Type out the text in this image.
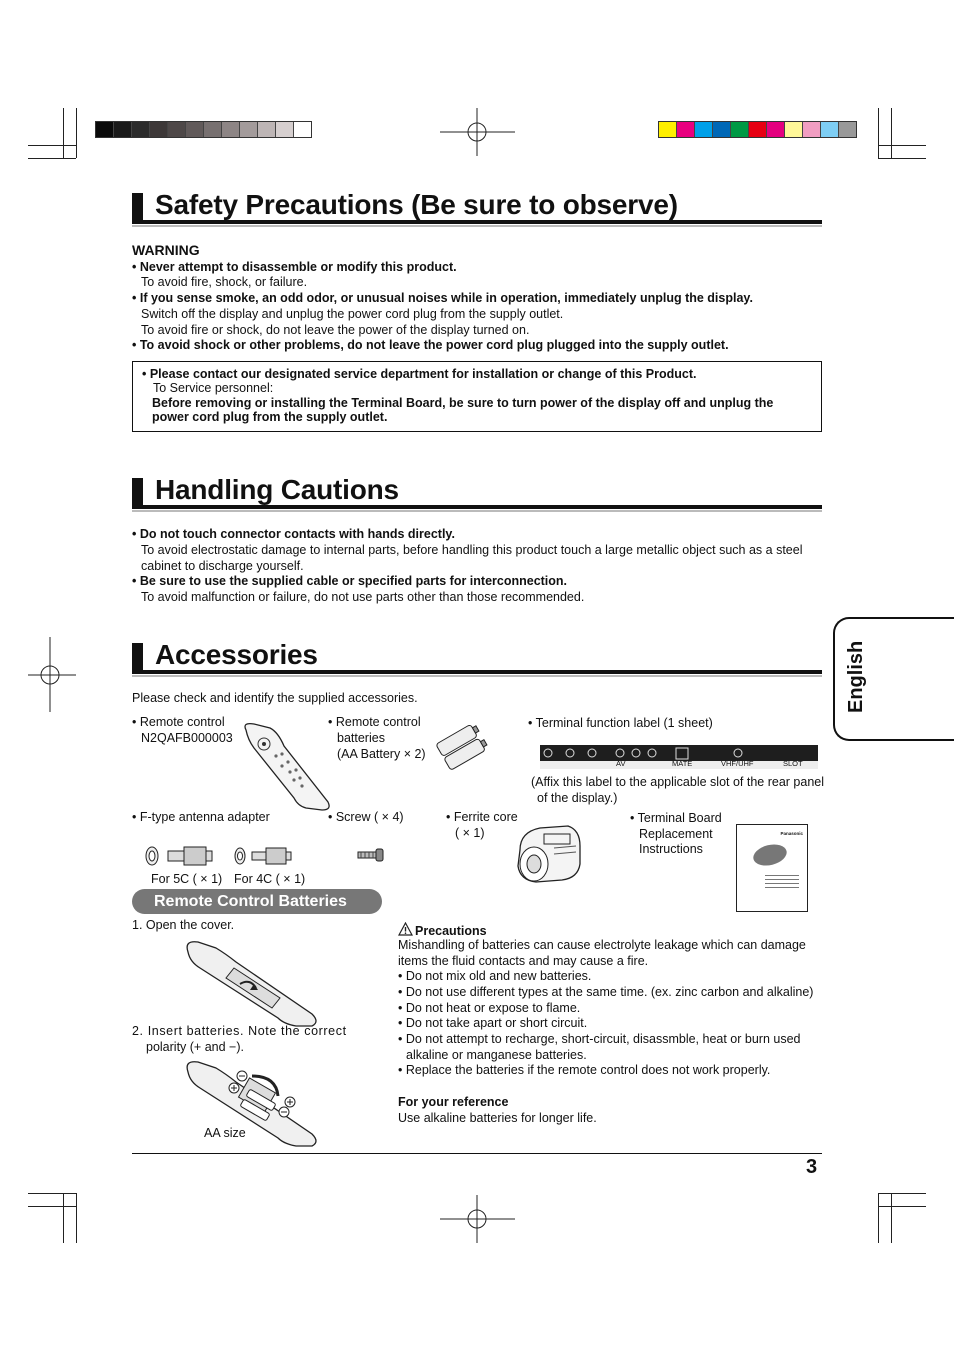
Safety Precautions (Be sure to observe)
WARNING
• Never attempt to disassemble or modify this product.
To avoid fire, shock, or failure.
• If you sense smoke, an odd odor, or unusual noises while in operation, immediately unplug the display.
Switch off the display and unplug the power cord plug from the supply outlet.
To avoid fire or shock, do not leave the power of the display turned on.
• To avoid shock or other problems, do not leave the power cord plug plugged into the supply outlet.
• Please contact our designated service department for installation or change of this Product.
To Service personnel:
Before removing or installing the Terminal Board, be sure to turn power of the display off and unplug the
power cord plug from the supply outlet.
Handling Cautions
• Do not touch connector contacts with hands directly.
To avoid electrostatic damage to internal parts, before handling this product touch a large metallic object such as a steel
cabinet to discharge yourself.
• Be sure to use the supplied cable or specified parts for interconnection.
To avoid malfunction or failure, do not use parts other than those recommended.
Accessories
Please check and identify the supplied accessories.
• Remote control
N2QAFB000003
• Remote control
batteries
(AA Battery × 2)
• Terminal function label (1 sheet)
AV	MATE	VHF/UHF	SLOT
(Affix this label to the applicable slot of the rear panel
of the display.)
• F-type antenna adapter
For 5C ( × 1) For 4C ( × 1)
• Screw ( × 4)	• Ferrite core
( × 1)
• Terminal Board
Replacement
Instructions
Panasonic
Remote Control Batteries
1. Open the cover.
2. Insert batteries. Note the correct
polarity (+ and −).
AA size
Precautions
Mishandling of batteries can cause electrolyte leakage which can damage
items the fluid contacts and may cause a fire.
• Do not mix old and new batteries.
• Do not use different types at the same time. (ex. zinc carbon and alkaline)
• Do not heat or expose to flame.
• Do not take apart or short circuit.
• Do not attempt to recharge, short-circuit, disassmble, heat or burn used
alkaline or manganese batteries.
• Replace the batteries if the remote control does not work properly.
For your reference
Use alkaline batteries for longer life.
3
English
